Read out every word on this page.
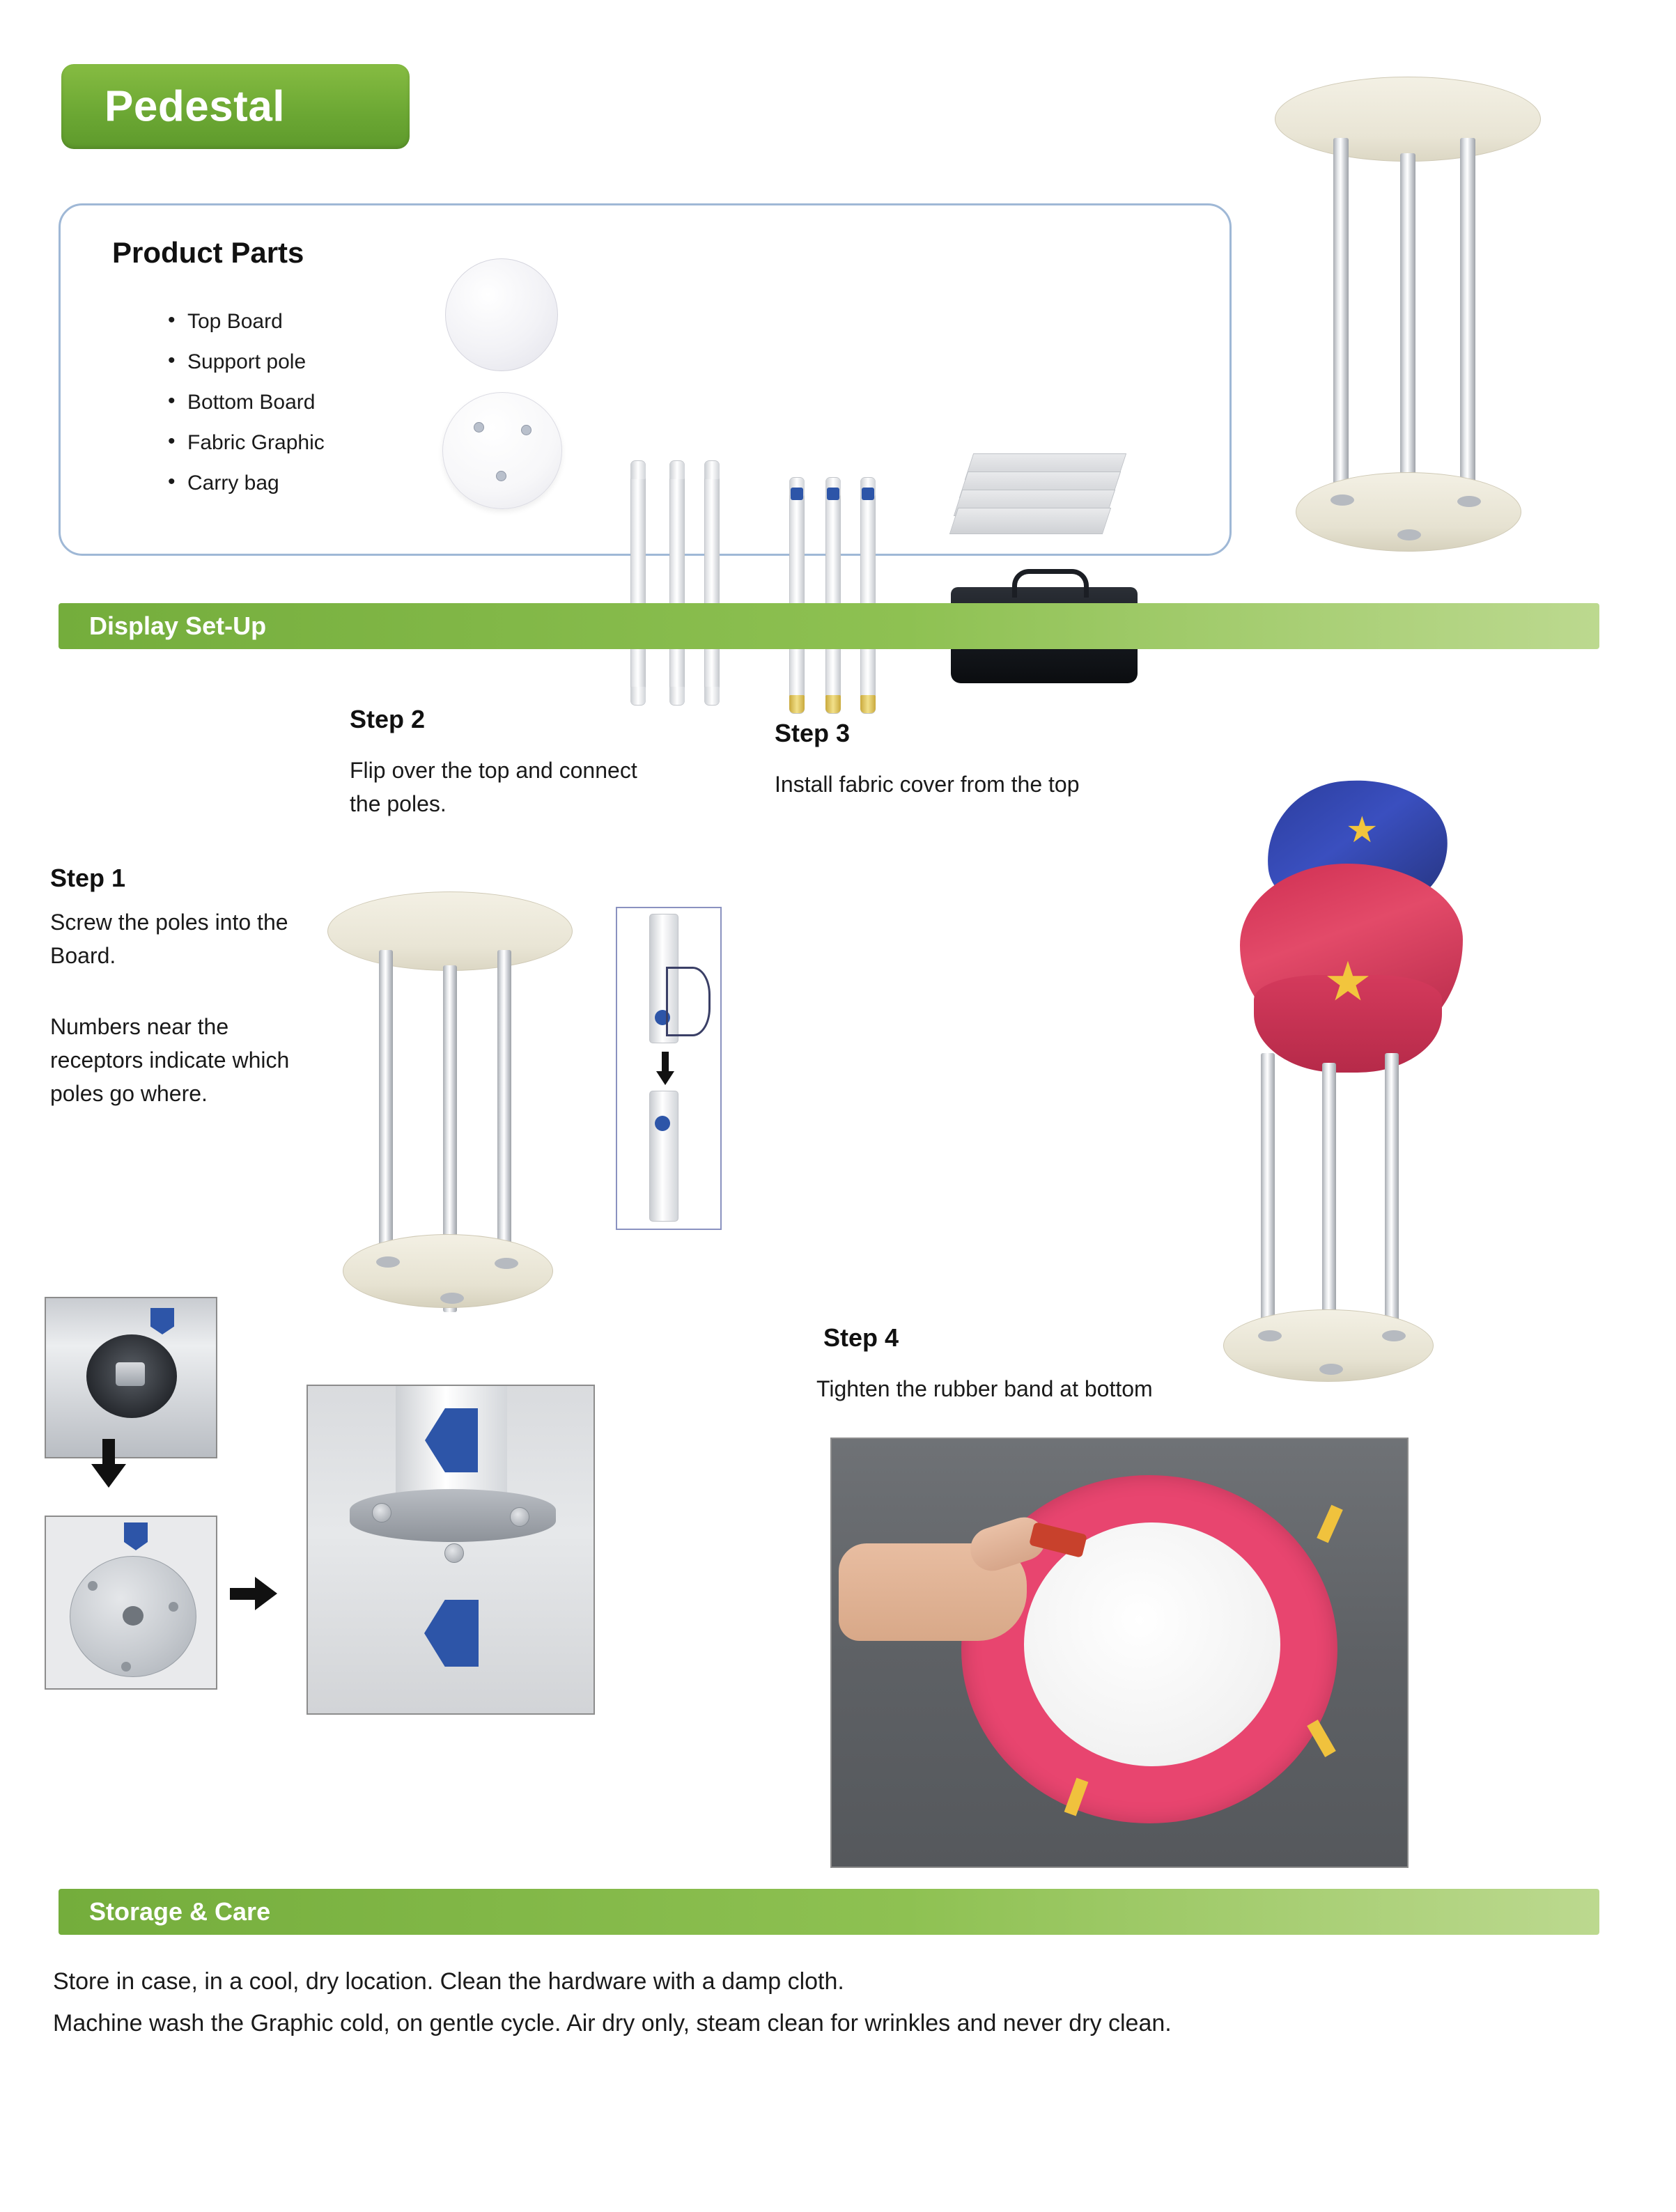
Pedestal
Product Parts
• Top Board
• Support pole
• Bottom Board
• Fabric Graphic
• Carry bag
Display Set-Up
Step 1
Screw the poles into the Board.
Numbers near the receptors indicate which poles go where.
Step 2
Flip over the top and connect the poles.
Step 3
Install fabric cover from the top
Step 4
Tighten the rubber band at bottom
★
★
Storage & Care
Store in case, in a cool, dry location. Clean the hardware with a damp cloth.
Machine wash the Graphic cold, on gentle cycle. Air dry only, steam clean for wrinkles and never dry clean.
